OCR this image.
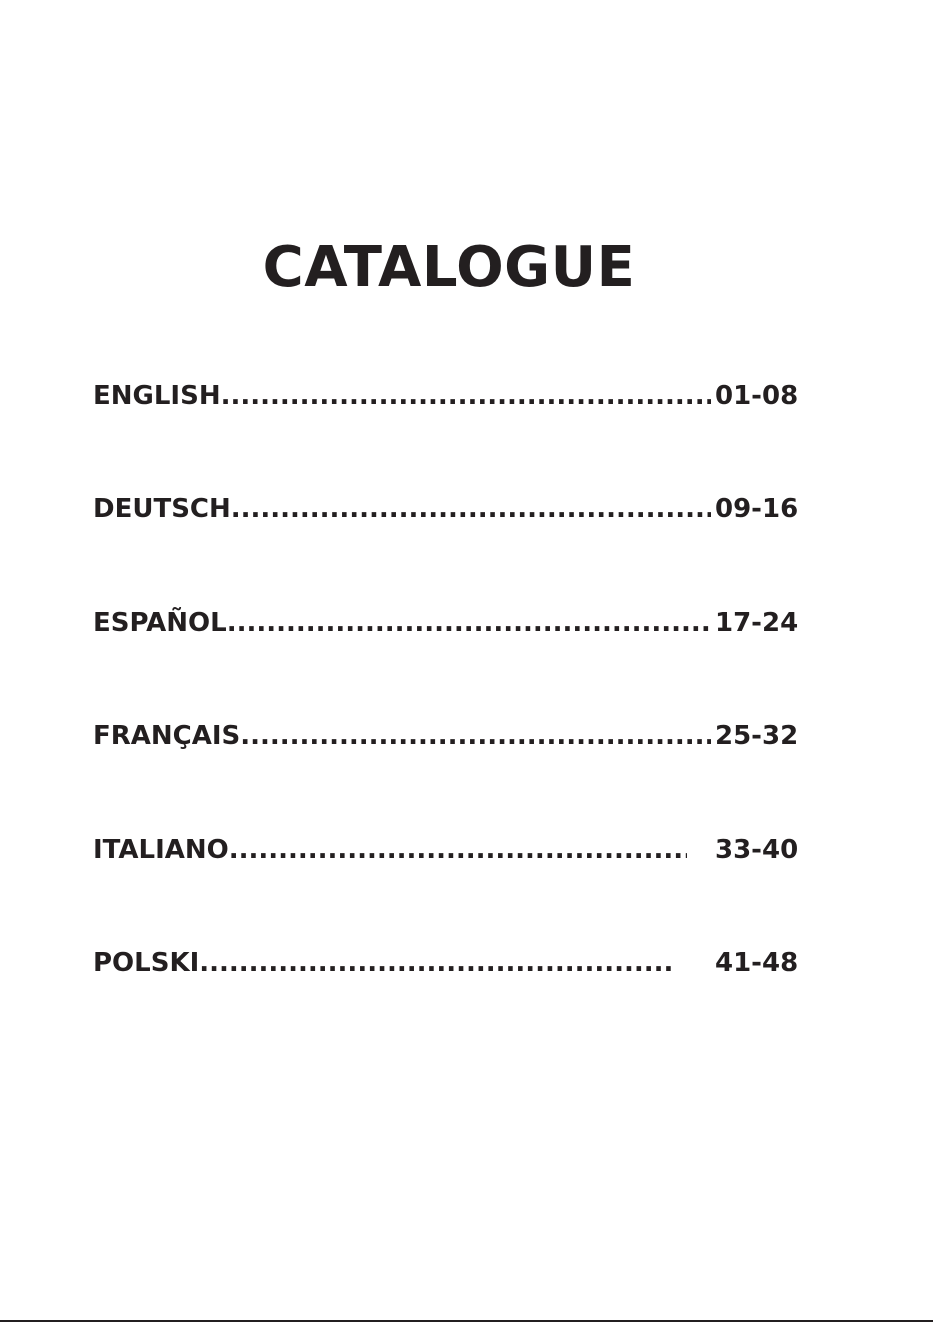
CATALOGUE
ENGLISH .....	01-08
DEUTSCH .....	09-16
ESPAÑOL .....	17-24
FRANÇAIS .....	25-32
ITALIANO .....	33-40
POLSKI .....	41-48
